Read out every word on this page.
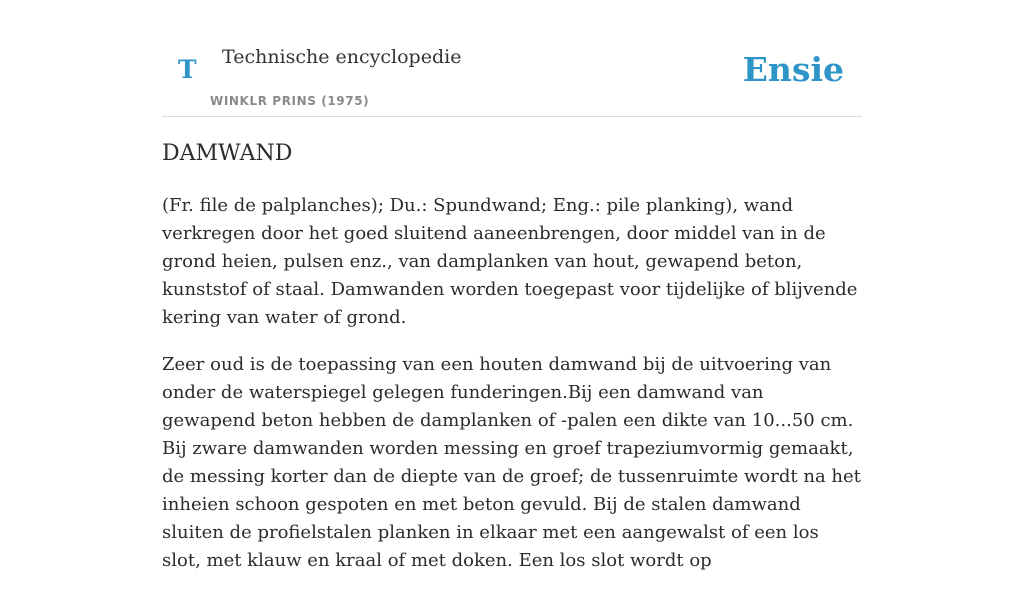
T Technische encyclopedie
WINKLR PRINS (1975)
Ensie
DAMWAND

(Fr. file de palplanches); Du.: Spundwand; Eng.: pile planking), wand verkregen door het goed sluitend aaneenbrengen, door middel van in de grond heien, pulsen enz., van damplanken van hout, gewapend beton, kunststof of staal. Damwanden worden toegepast voor tijdelijke of blijvende kering van water of grond.

Zeer oud is de toepassing van een houten damwand bij de uitvoering van onder de waterspiegel gelegen funderingen.Bij een damwand van gewapend beton hebben de damplanken of -palen een dikte van 10...50 cm. Bij zware damwanden worden messing en groef trapeziumvormig gemaakt, de messing korter dan de diepte van de groef; de tussenruimte wordt na het inheien schoon gespoten en met beton gevuld. Bij de stalen damwand sluiten de profielstalen planken in elkaar met een aangewalst of een los slot, met klauw en kraal of met doken. Een los slot wordt op
